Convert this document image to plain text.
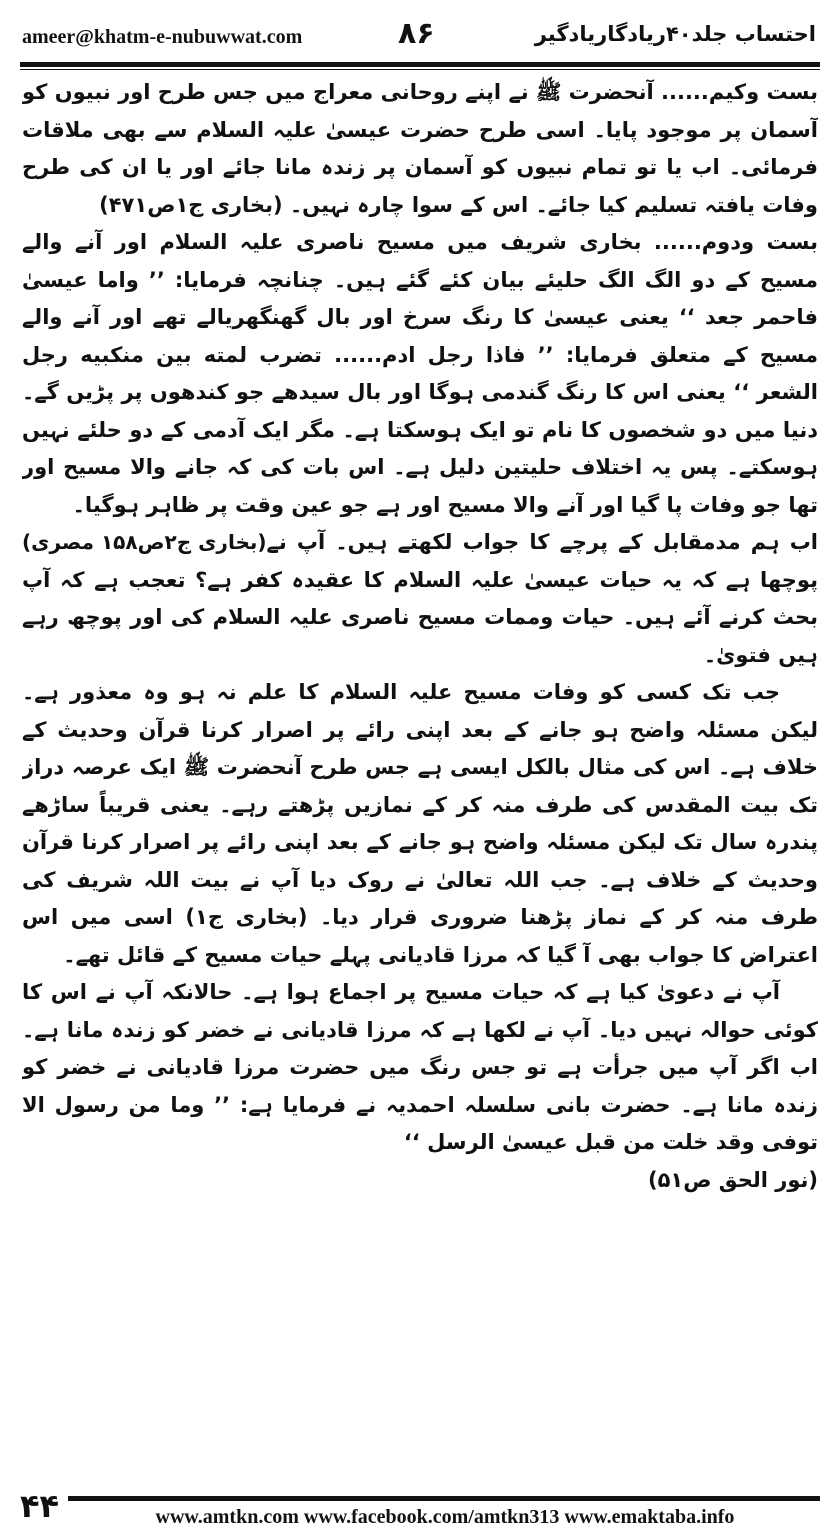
ameer@khatm-e-nubuwwat.com	۸۶	احتساب جلد۴۰ریادگاریادگیر

بست وکیم...... آنحضرت ﷺ نے اپنے روحانی معراج میں جس طرح اور نبیوں کو آسمان پر موجود پایا۔ اسی طرح حضرت عیسیٰ علیہ السلام سے بھی ملاقات فرمائی۔ اب یا تو تمام نبیوں کو آسمان پر زندہ مانا جائے اور یا ان کی طرح وفات یافتہ تسلیم کیا جائے۔ اس کے سوا چارہ نہیں۔ (بخاری ج۱ص۴۷۱)

بست ودوم...... بخاری شریف میں مسیح ناصری علیہ السلام اور آنے والے مسیح کے دو الگ الگ حلیئے بیان کئے گئے ہیں۔ چنانچہ فرمایا: ’’ واما عیسیٰ فاحمر جعد ‘‘ یعنی عیسیٰ کا رنگ سرخ اور بال گھنگھریالے تھے اور آنے والے مسیح کے متعلق فرمایا: ’’ فاذا رجل ادم...... تضرب لمته بین منکبیه رجل الشعر ‘‘ یعنی اس کا رنگ گندمی ہوگا اور بال سیدھے جو کندھوں پر پڑیں گے۔ دنیا میں دو شخصوں کا نام تو ایک ہوسکتا ہے۔ مگر ایک آدمی کے دو حلئے نہیں ہوسکتے۔ پس یہ اختلاف حلیتین دلیل ہے۔ اس بات کی کہ جانے والا مسیح اور تھا جو وفات پا گیا اور آنے والا مسیح اور ہے جو عین وقت پر ظاہر ہوگیا۔
(بخاری ج۲ص۱۵۸ مصری) اب ہم مدمقابل کے پرچے کا جواب لکھتے ہیں۔ آپ نے پوچھا ہے کہ یہ حیات عیسیٰ علیہ السلام کا عقیدہ کفر ہے؟ تعجب ہے کہ آپ بحث کرنے آئے ہیں۔ حیات وممات مسیح ناصری علیہ السلام کی اور پوچھ رہے ہیں فتویٰ۔

جب تک کسی کو وفات مسیح علیہ السلام کا علم نہ ہو وہ معذور ہے۔ لیکن مسئلہ واضح ہو جانے کے بعد اپنی رائے پر اصرار کرنا قرآن وحدیث کے خلاف ہے۔ اس کی مثال بالکل ایسی ہے جس طرح آنحضرت ﷺ ایک عرصہ دراز تک بیت المقدس کی طرف منہ کر کے نمازیں پڑھتے رہے۔ یعنی قریباً ساڑھے پندرہ سال تک لیکن مسئلہ واضح ہو جانے کے بعد اپنی رائے پر اصرار کرنا قرآن وحدیث کے خلاف ہے۔ جب اللہ تعالیٰ نے روک دیا آپ نے بیت اللہ شریف کی طرف منہ کر کے نماز پڑھنا ضروری قرار دیا۔ (بخاری ج۱) اسی میں اس اعتراض کا جواب بھی آ گیا کہ مرزا قادیانی پہلے حیات مسیح کے قائل تھے۔

آپ نے دعویٰ کیا ہے کہ حیات مسیح پر اجماع ہوا ہے۔ حالانکہ آپ نے اس کا کوئی حوالہ نہیں دیا۔ آپ نے لکھا ہے کہ مرزا قادیانی نے خضر کو زندہ مانا ہے۔ اب اگر آپ میں جرأت ہے تو جس رنگ میں حضرت مرزا قادیانی نے خضر کو زندہ مانا ہے۔ حضرت بانی سلسلہ احمدیہ نے فرمایا ہے: ’’ وما من رسول الا توفی وقد خلت من قبل عیسیٰ الرسل ‘‘

(نور الحق ص۵۱)

۴۴	www.amtkn.com www.facebook.com/amtkn313 www.emaktaba.info
